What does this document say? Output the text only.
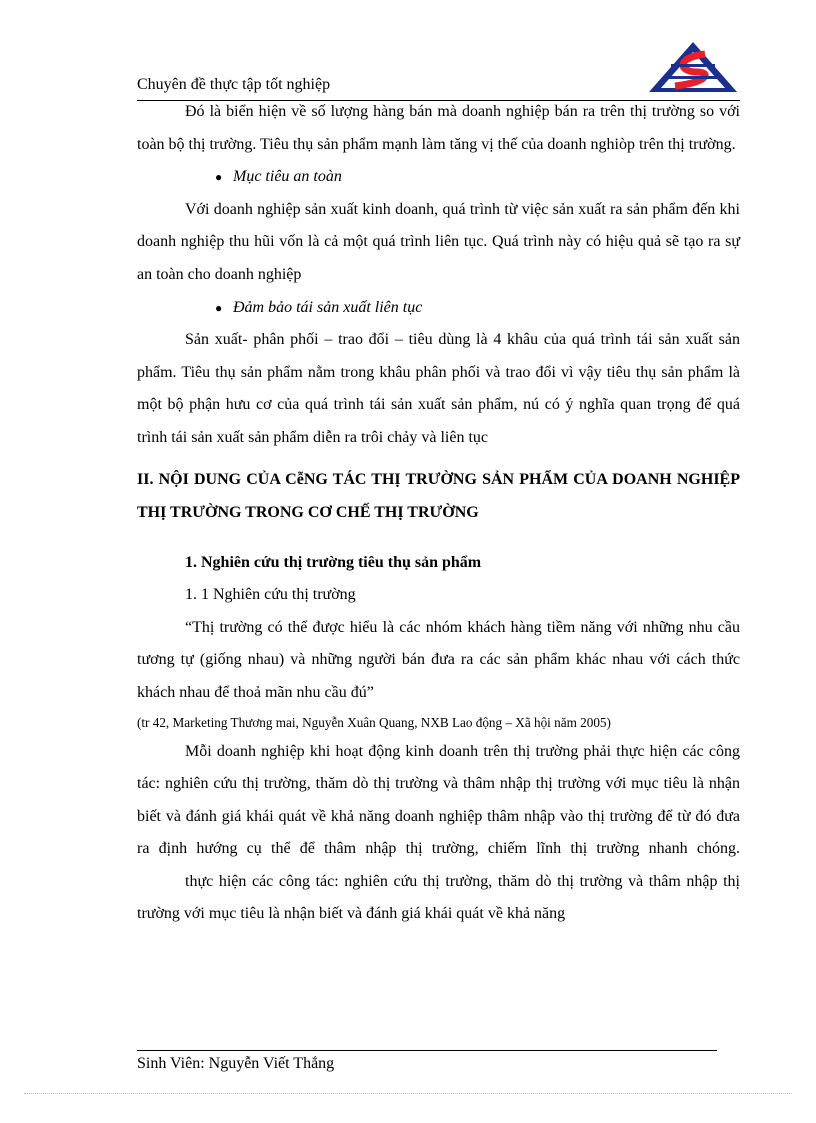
Chuyên đề thực tập tốt nghiệp

Đó là biển hiện về số lượng hàng bán mà doanh nghiệp bán ra trên thị trường so với toàn bộ thị trường. Tiêu thụ sản phẩm mạnh làm tăng vị thế của doanh nghiòp trên thị trường.

● Mục tiêu an toàn

Với doanh nghiệp sản xuất kinh doanh, quá trình từ việc sản xuất ra sản phẩm đến khi doanh nghiệp thu hũi vốn là cả một quá trình liên tục. Quá trình này có hiệu quả sẽ tạo ra sự an toàn cho doanh nghiệp

● Đảm bảo tái sản xuất liên tục

Sản xuất- phân phối – trao đổi – tiêu dùng là 4 khâu của quá trình tái sản xuất sản phẩm. Tiêu thụ sản phẩm nằm trong khâu phân phối và trao đổi vì vậy tiêu thụ sản phẩm là một bộ phận hưu cơ của quá trình tái sản xuất sản phẩm, nú có ý nghĩa quan trọng để quá trình tái sản xuất sản phẩm diễn ra trôi chảy và liên tục

II. NỘI DUNG CỦA CễNG TÁC THỊ TRƯỜNG SẢN PHẨM CỦA DOANH NGHIỆP THỊ TRƯỜNG TRONG CƠ CHẾ THỊ TRƯỜNG

1. Nghiên cứu thị trường tiêu thụ sản phẩm

1. 1 Nghiên cứu thị trường

“Thị trường có thể được hiểu là các nhóm khách hàng tiềm năng với những nhu cầu tương tự (giống nhau) và những người bán đưa ra các sản phẩm khác nhau với cách thức khách nhau để thoả mãn nhu cầu đú”

(tr 42, Marketing Thương mai, Nguyễn Xuân Quang, NXB Lao động – Xã hội năm 2005)

Mỗi doanh nghiệp khi hoạt động kinh doanh trên thị trường phải thực hiện các công tác: nghiên cứu thị trường, thăm dò thị trường và thâm nhập thị trường với mục tiêu là nhận biết và đánh giá khái quát về khả năng doanh nghiệp thâm nhập vào thị trường để từ đó đưa ra định hướng cụ thể để thâm nhập thị trường, chiếm lĩnh thị trường nhanh chóng.

thực hiện các công tác: nghiên cứu thị trường, thăm dò thị trường và thâm nhập thị trường với mục tiêu là nhận biết và đánh giá khái quát về khả năng

Sinh Viên: Nguyễn Viết Thắng
